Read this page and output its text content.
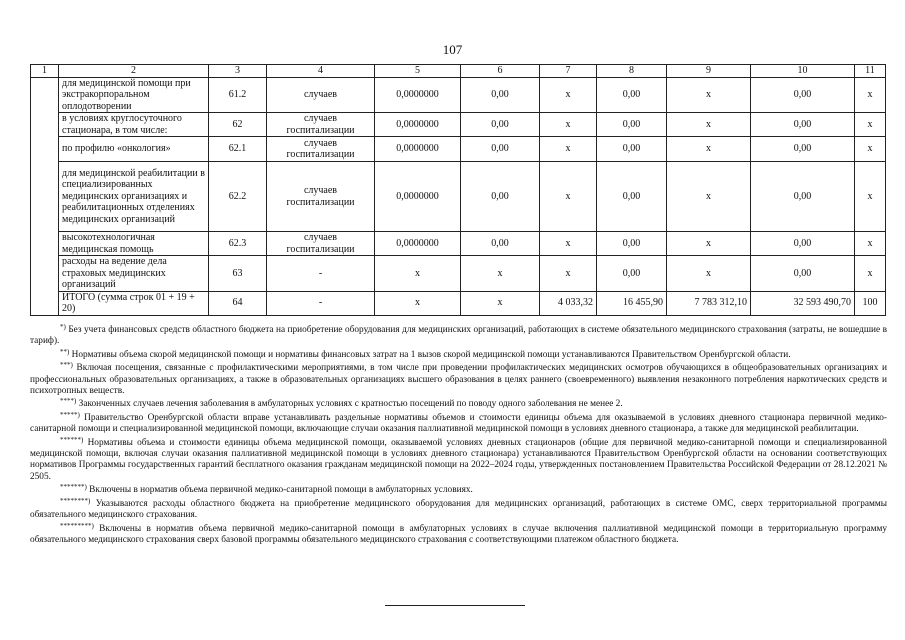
107
1	2	3	4	5	6	7	8	9	10	11
	для медицинской помощи при экстракорпоральном оплодотворении	61.2	случаев	0,0000000	0,00	x	0,00	x	0,00	x
	в условиях круглосуточного стационара, в том числе:	62	случаев госпитализации	0,0000000	0,00	x	0,00	x	0,00	x
	по профилю «онкология»	62.1	случаев госпитализации	0,0000000	0,00	x	0,00	x	0,00	x
	для медицинской реабилитации в специализированных медицинских организациях и реабилитационных отделениях медицинских организаций	62.2	случаев госпитализации	0,0000000	0,00	x	0,00	x	0,00	x
	высокотехнологичная медицинская помощь	62.3	случаев госпитализации	0,0000000	0,00	x	0,00	x	0,00	x
	расходы на ведение дела страховых медицинских организаций	63	-	x	x	x	0,00	x	0,00	x
	ИТОГО (сумма строк 01 + 19 + 20)	64	-	x	x	4 033,32	16 455,90	7 783 312,10	32 593 490,70	100

*) Без учета финансовых средств областного бюджета на приобретение оборудования для медицинских организаций, работающих в системе обязательного медицинского страхования (затраты, не вошедшие в тариф).

**) Нормативы объема скорой медицинской помощи и нормативы финансовых затрат на 1 вызов скорой медицинской помощи устанавливаются Правительством Оренбургской области.

***) Включая посещения, связанные с профилактическими мероприятиями, в том числе при проведении профилактических медицинских осмотров обучающихся в общеобразовательных организациях и профессиональных образовательных организациях, а также в образовательных организациях высшего образования в целях раннего (своевременного) выявления незаконного потребления наркотических средств и психотропных веществ.

****) Законченных случаев лечения заболевания в амбулаторных условиях с кратностью посещений по поводу одного заболевания не менее 2.

*****) Правительство Оренбургской области вправе устанавливать раздельные нормативы объемов и стоимости единицы объема для оказываемой в условиях дневного стационара первичной медико-санитарной помощи и специализированной медицинской помощи, включающие случаи оказания паллиативной медицинской помощи в условиях дневного стационара, а также для медицинской реабилитации.

******) Нормативы объема и стоимости единицы объема медицинской помощи, оказываемой условиях дневных стационаров (общие для первичной медико-санитарной помощи и специализированной медицинской помощи, включая случаи оказания паллиативной медицинской помощи в условиях дневного стационара) устанавливаются Правительством Оренбургской области на основании соответствующих нормативов Программы государственных гарантий бесплатного оказания гражданам медицинской помощи на 2022–2024 годы, утвержденных постановлением Правительства Российской Федерации от 28.12.2021 № 2505.

*******) Включены в норматив объема первичной медико-санитарной помощи в амбулаторных условиях.

********) Указываются расходы областного бюджета на приобретение медицинского оборудования для медицинских организаций, работающих в системе ОМС, сверх территориальной программы обязательного медицинского страхования.

*********) Включены в норматив объема первичной медико-санитарной помощи в амбулаторных условиях в случае включения паллиативной медицинской помощи в территориальную программу обязательного медицинского страхования сверх базовой программы обязательного медицинского страхования с соответствующими платежом областного бюджета.
